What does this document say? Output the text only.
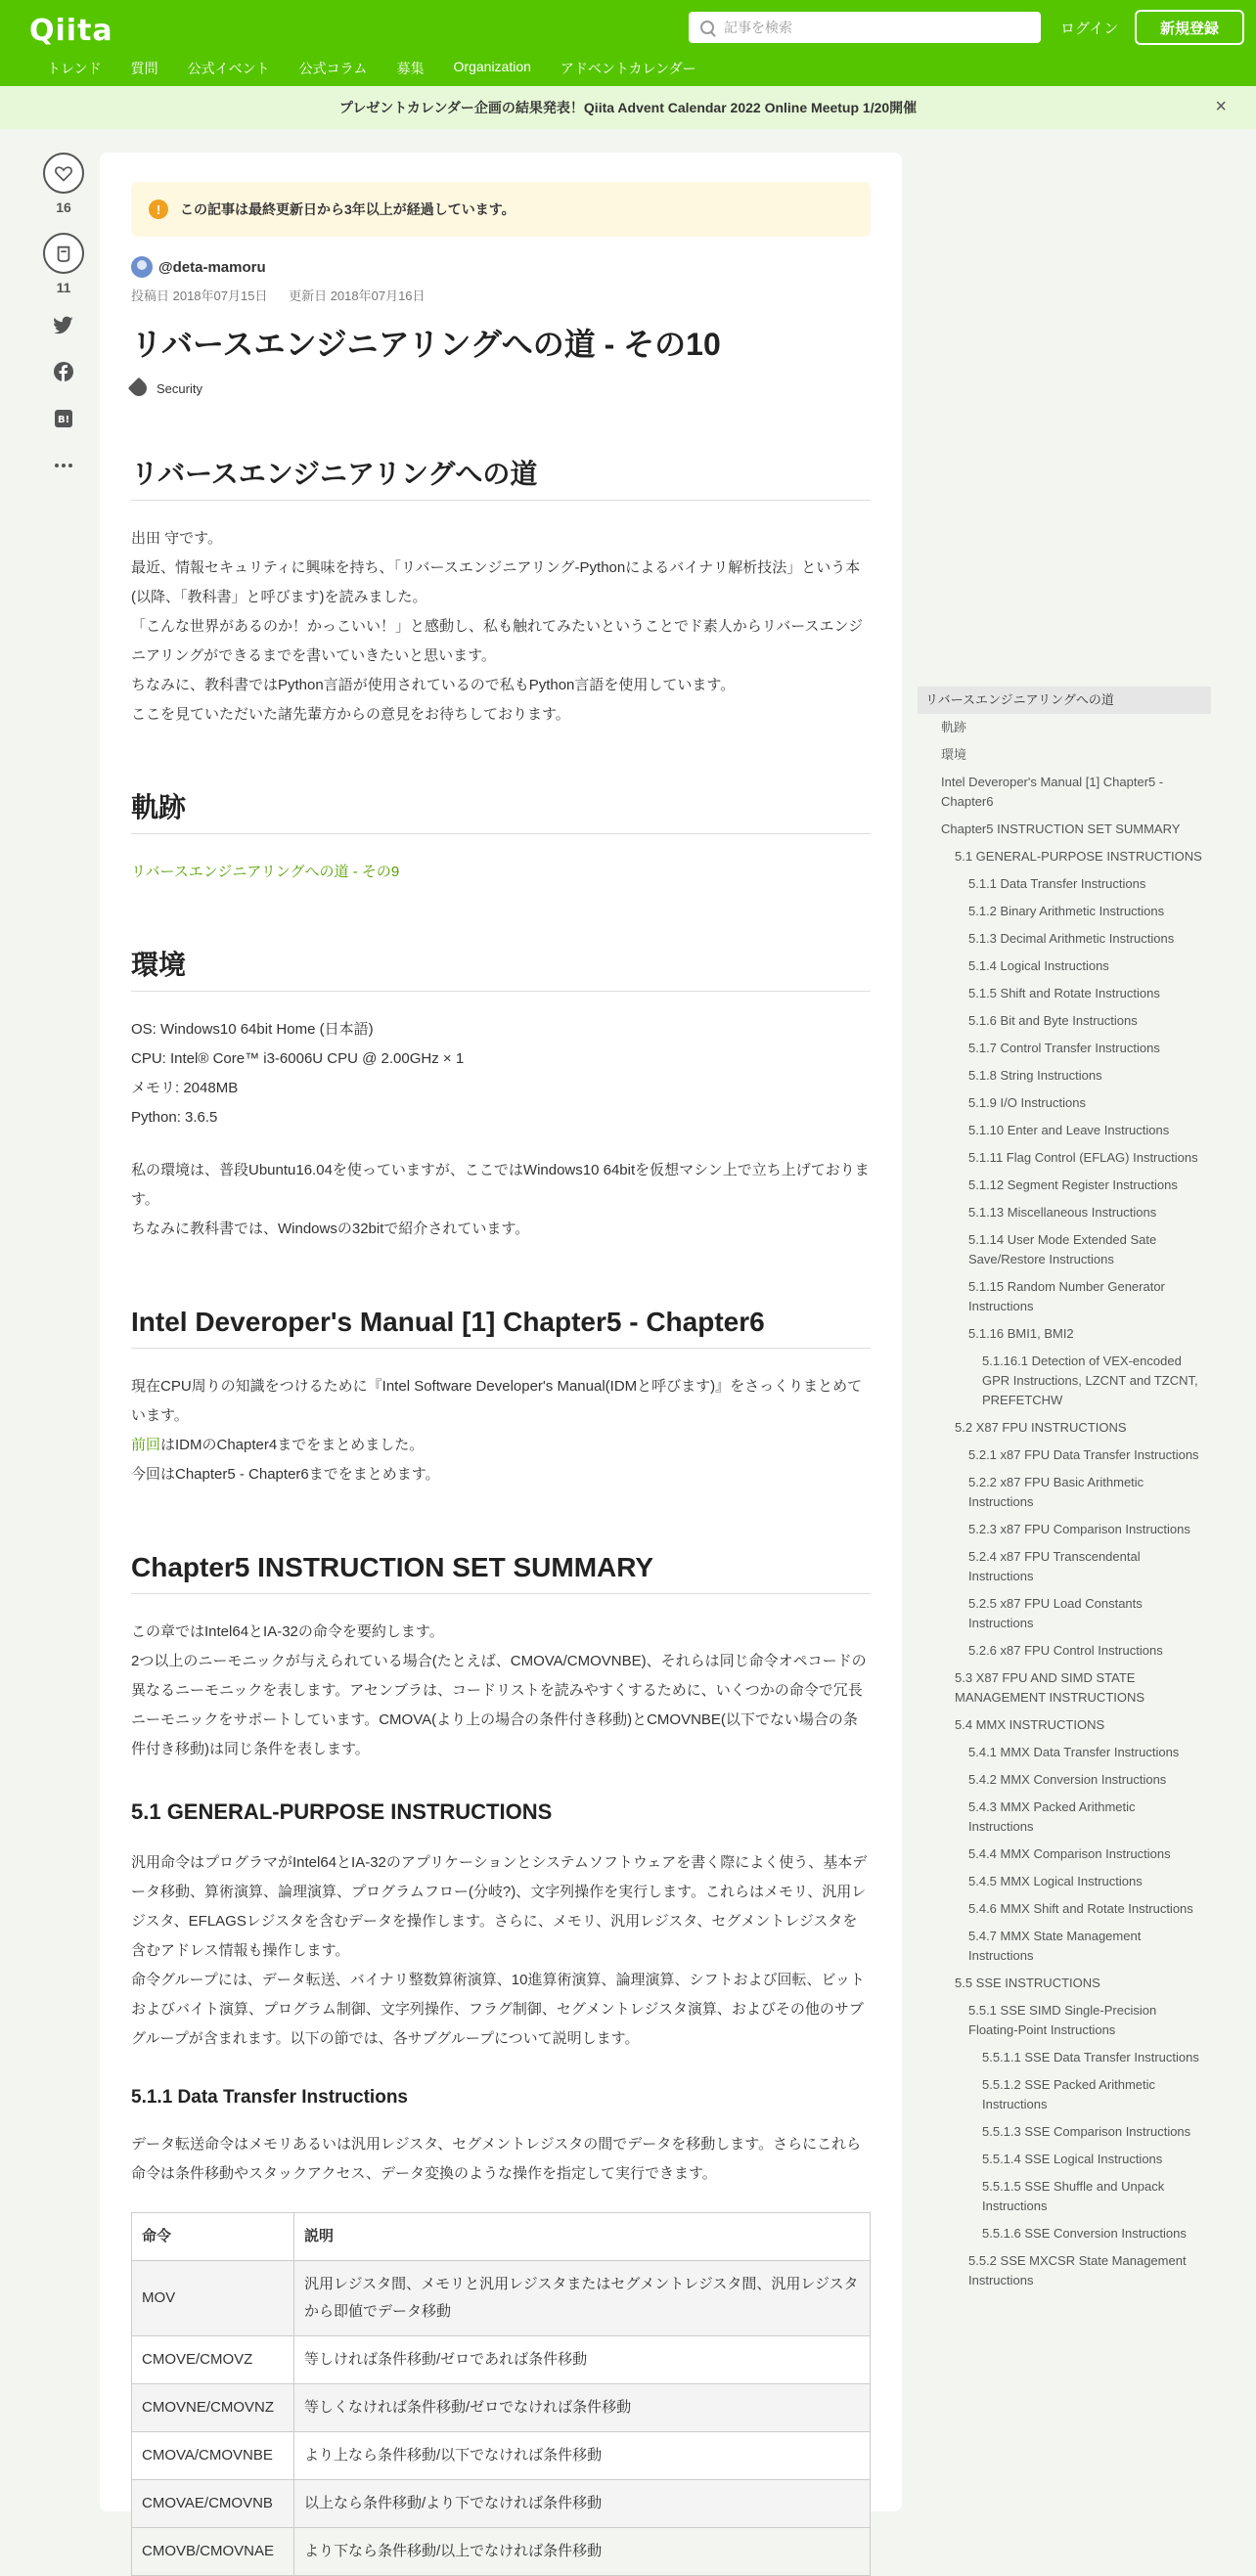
Qiita	記事を検索	ログイン	新規登録
トレンド 質問 公式イベント 公式コラム 募集 Organization アドベントカレンダー
プレゼントカレンダー企画の結果発表！Qiita Advent Calendar 2022 Online Meetup 1/20開催	×
16
11
B!
!	この記事は最終更新日から3年以上が経過しています。
@deta-mamoru
投稿日 2018年07月15日 更新日 2018年07月16日
リバースエンジニアリングへの道 - その10
Security
リバースエンジニアリングへの道
出田 守です。
最近、情報セキュリティに興味を持ち、「リバースエンジニアリング-Pythonによるバイナリ解析技法」という本(以降、「教科書」と呼びます)を読みました。
「こんな世界があるのか！かっこいい！」と感動し、私も触れてみたいということでド素人からリバースエンジニアリングができるまでを書いていきたいと思います。
ちなみに、教科書ではPython言語が使用されているので私もPython言語を使用しています。
ここを見ていただいた諸先輩方からの意見をお待ちしております。
軌跡
リバースエンジニアリングへの道 - その9
環境
OS: Windows10 64bit Home (日本語)
CPU: Intel® Core™ i3-6006U CPU @ 2.00GHz × 1
メモリ: 2048MB
Python: 3.6.5
私の環境は、普段Ubuntu16.04を使っていますが、ここではWindows10 64bitを仮想マシン上で立ち上げております。
ちなみに教科書では、Windowsの32bitで紹介されています。
Intel Deveroper's Manual [1] Chapter5 - Chapter6
現在CPU周りの知識をつけるために『Intel Software Developer's Manual(IDMと呼びます)』をさっくりまとめています。
前回はIDMのChapter4までをまとめました。
今回はChapter5 - Chapter6までをまとめます。
Chapter5 INSTRUCTION SET SUMMARY
この章ではIntel64とIA-32の命令を要約します。
2つ以上のニーモニックが与えられている場合(たとえば、CMOVA/CMOVNBE)、それらは同じ命令オペコードの異なるニーモニックを表します。アセンブラは、コードリストを読みやすくするために、いくつかの命令で冗長ニーモニックをサポートしています。CMOVA(より上の場合の条件付き移動)とCMOVNBE(以下でない場合の条件付き移動)は同じ条件を表します。
5.1 GENERAL-PURPOSE INSTRUCTIONS
汎用命令はプログラマがIntel64とIA-32のアプリケーションとシステムソフトウェアを書く際によく使う、基本データ移動、算術演算、論理演算、プログラムフロー(分岐?)、文字列操作を実行します。これらはメモリ、汎用レジスタ、EFLAGSレジスタを含むデータを操作します。さらに、メモリ、汎用レジスタ、セグメントレジスタを含むアドレス情報も操作します。
命令グループには、データ転送、バイナリ整数算術演算、10進算術演算、論理演算、シフトおよび回転、ビットおよびバイト演算、プログラム制御、文字列操作、フラグ制御、セグメントレジスタ演算、およびその他のサブグループが含まれます。以下の節では、各サブグループについて説明します。
5.1.1 Data Transfer Instructions
データ転送命令はメモリあるいは汎用レジスタ、セグメントレジスタの間でデータを移動します。さらにこれら命令は条件移動やスタックアクセス、データ変換のような操作を指定して実行できます。
命令	説明
MOV	汎用レジスタ間、メモリと汎用レジスタまたはセグメントレジスタ間、汎用レジスタから即値でデータ移動
CMOVE/CMOVZ	等しければ条件移動/ゼロであれば条件移動
CMOVNE/CMOVNZ	等しくなければ条件移動/ゼロでなければ条件移動
CMOVA/CMOVNBE	より上なら条件移動/以下でなければ条件移動
CMOVAE/CMOVNB	以上なら条件移動/より下でなければ条件移動
CMOVB/CMOVNAE	より下なら条件移動/以上でなければ条件移動
リバースエンジニアリングへの道
軌跡
環境
Intel Deveroper's Manual [1] Chapter5 - Chapter6
Chapter5 INSTRUCTION SET SUMMARY
5.1 GENERAL-PURPOSE INSTRUCTIONS
5.1.1 Data Transfer Instructions
5.1.2 Binary Arithmetic Instructions
5.1.3 Decimal Arithmetic Instructions
5.1.4 Logical Instructions
5.1.5 Shift and Rotate Instructions
5.1.6 Bit and Byte Instructions
5.1.7 Control Transfer Instructions
5.1.8 String Instructions
5.1.9 I/O Instructions
5.1.10 Enter and Leave Instructions
5.1.11 Flag Control (EFLAG) Instructions
5.1.12 Segment Register Instructions
5.1.13 Miscellaneous Instructions
5.1.14 User Mode Extended Sate Save/Restore Instructions
5.1.15 Random Number Generator Instructions
5.1.16 BMI1, BMI2
5.1.16.1 Detection of VEX-encoded GPR Instructions, LZCNT and TZCNT, PREFETCHW
5.2 X87 FPU INSTRUCTIONS
5.2.1 x87 FPU Data Transfer Instructions
5.2.2 x87 FPU Basic Arithmetic Instructions
5.2.3 x87 FPU Comparison Instructions
5.2.4 x87 FPU Transcendental Instructions
5.2.5 x87 FPU Load Constants Instructions
5.2.6 x87 FPU Control Instructions
5.3 X87 FPU AND SIMD STATE MANAGEMENT INSTRUCTIONS
5.4 MMX INSTRUCTIONS
5.4.1 MMX Data Transfer Instructions
5.4.2 MMX Conversion Instructions
5.4.3 MMX Packed Arithmetic Instructions
5.4.4 MMX Comparison Instructions
5.4.5 MMX Logical Instructions
5.4.6 MMX Shift and Rotate Instructions
5.4.7 MMX State Management Instructions
5.5 SSE INSTRUCTIONS
5.5.1 SSE SIMD Single-Precision Floating-Point Instructions
5.5.1.1 SSE Data Transfer Instructions
5.5.1.2 SSE Packed Arithmetic Instructions
5.5.1.3 SSE Comparison Instructions
5.5.1.4 SSE Logical Instructions
5.5.1.5 SSE Shuffle and Unpack Instructions
5.5.1.6 SSE Conversion Instructions
5.5.2 SSE MXCSR State Management Instructions
